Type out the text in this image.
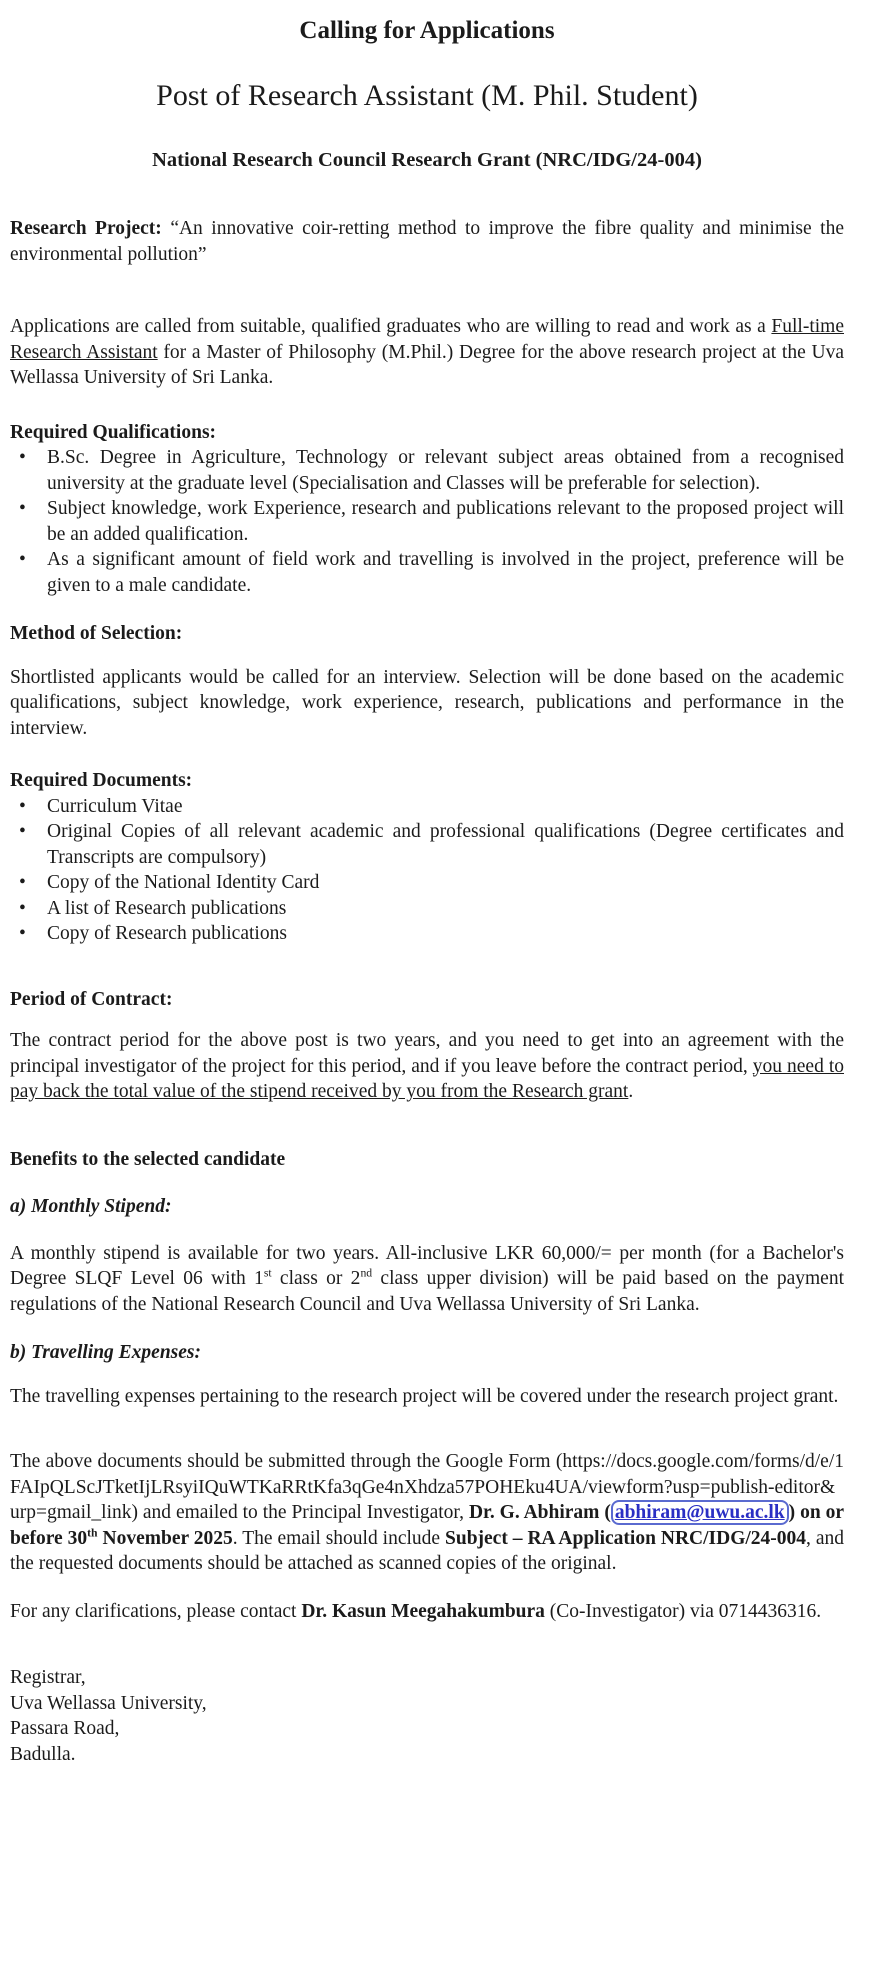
Calling for Applications
Post of Research Assistant (M. Phil. Student)
National Research Council Research Grant (NRC/IDG/24-004)

Research Project: “An innovative coir-retting method to improve the fibre quality and minimise the environmental pollution”

Applications are called from suitable, qualified graduates who are willing to read and work as a Full-time Research Assistant for a Master of Philosophy (M.Phil.) Degree for the above research project at the Uva Wellassa University of Sri Lanka.

Required Qualifications:
• B.Sc. Degree in Agriculture, Technology or relevant subject areas obtained from a recognised university at the graduate level (Specialisation and Classes will be preferable for selection).
• Subject knowledge, work Experience, research and publications relevant to the proposed project will be an added qualification.
• As a significant amount of field work and travelling is involved in the project, preference will be given to a male candidate.
Method of Selection:

Shortlisted applicants would be called for an interview. Selection will be done based on the academic qualifications, subject knowledge, work experience, research, publications and performance in the interview.

Required Documents:
• Curriculum Vitae
• Original Copies of all relevant academic and professional qualifications (Degree certificates and Transcripts are compulsory)
• Copy of the National Identity Card
• A list of Research publications
• Copy of Research publications
Period of Contract:

The contract period for the above post is two years, and you need to get into an agreement with the principal investigator of the project for this period, and if you leave before the contract period, you need to pay back the total value of the stipend received by you from the Research grant.

Benefits to the selected candidate
a) Monthly Stipend:

A monthly stipend is available for two years. All-inclusive LKR 60,000/= per month (for a Bachelor's Degree SLQF Level 06 with 1st class or 2nd class upper division) will be paid based on the payment regulations of the National Research Council and Uva Wellassa University of Sri Lanka.

b) Travelling Expenses:

The travelling expenses pertaining to the research project will be covered under the research project grant.

The above documents should be submitted through the Google Form (https://docs.google.com/forms/d/e/1FAIpQLScJTketIjLRsyiIQuWTKaRRtKfa3qGe4nXhdza57POHEku4UA/viewform?usp=publish-editor&urp=gmail_link) and emailed to the Principal Investigator, Dr. G. Abhiram ( abhiram@uwu.ac.lk ) on or before 30th November 2025. The email should include Subject – RA Application NRC/IDG/24-004, and the requested documents should be attached as scanned copies of the original.

For any clarifications, please contact Dr. Kasun Meegahakumbura (Co-Investigator) via 0714436316.

Registrar,
Uva Wellassa University,
Passara Road,
Badulla.
